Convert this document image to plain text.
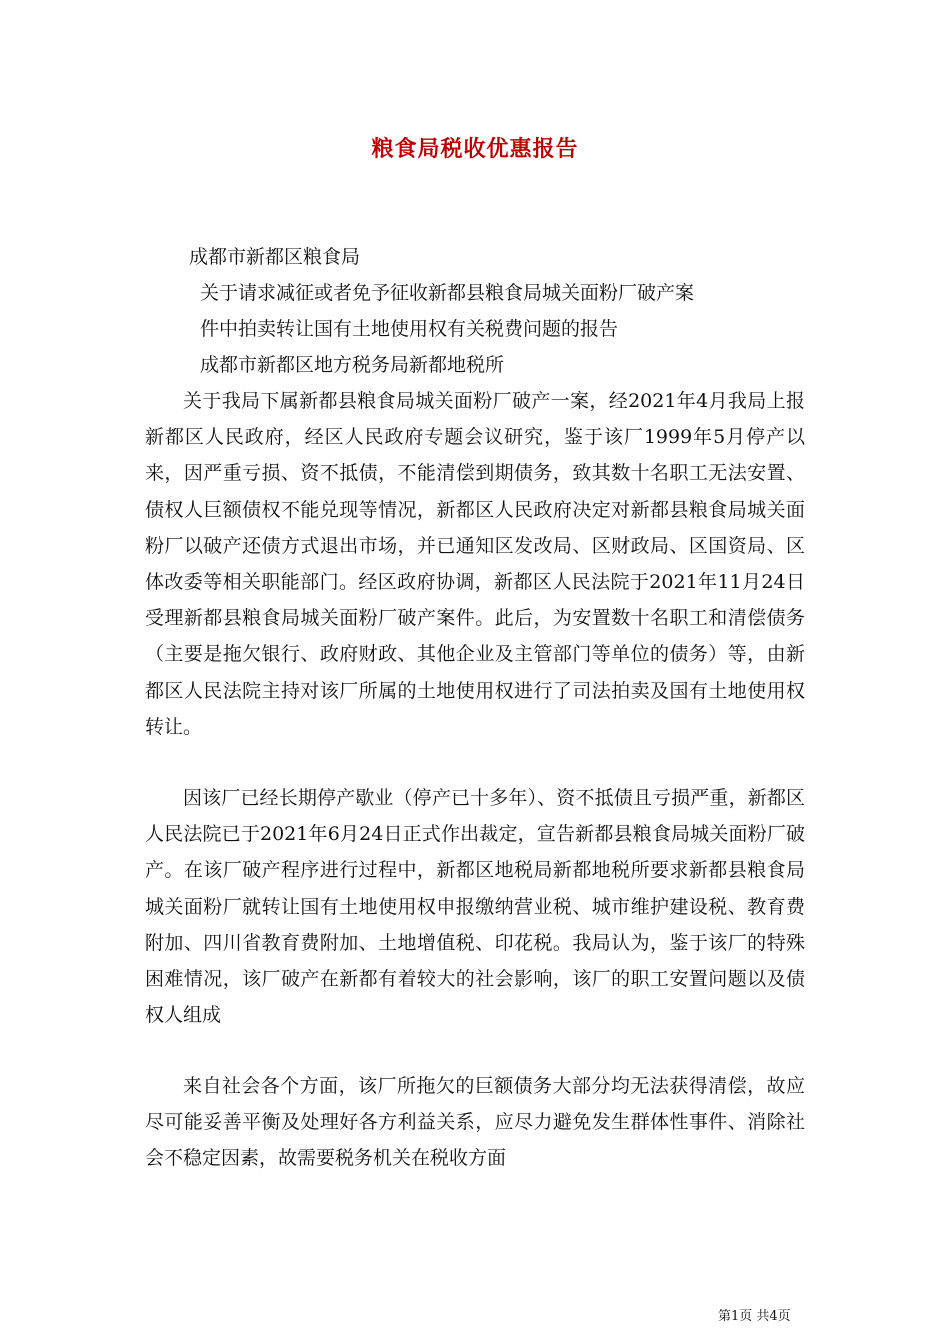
粮食局税收优惠报告
成都市新都区粮食局
关于请求减征或者免予征收新都县粮食局城关面粉厂破产案
件中拍卖转让国有土地使用权有关税费问题的报告
成都市新都区地方税务局新都地税所
关于我局下属新都县粮食局城关面粉厂破产一案，经2021年4月我局上报新都区人民政府，经区人民政府专题会议研究，鉴于该厂1999年5月停产以来，因严重亏损、资不抵债，不能清偿到期债务，致其数十名职工无法安置、债权人巨额债权不能兑现等情况，新都区人民政府决定对新都县粮食局城关面粉厂以破产还债方式退出市场，并已通知区发改局、区财政局、区国资局、区体改委等相关职能部门。经区政府协调，新都区人民法院于2021年11月24日受理新都县粮食局城关面粉厂破产案件。此后，为安置数十名职工和清偿债务（主要是拖欠银行、政府财政、其他企业及主管部门等单位的债务）等，由新都区人民法院主持对该厂所属的土地使用权进行了司法拍卖及国有土地使用权转让。
因该厂已经长期停产歇业（停产已十多年）、资不抵债且亏损严重，新都区人民法院已于2021年6月24日正式作出裁定，宣告新都县粮食局城关面粉厂破产。在该厂破产程序进行过程中，新都区地税局新都地税所要求新都县粮食局城关面粉厂就转让国有土地使用权申报缴纳营业税、城市维护建设税、教育费附加、四川省教育费附加、土地增值税、印花税。我局认为，鉴于该厂的特殊困难情况，该厂破产在新都有着较大的社会影响，该厂的职工安置问题以及债权人组成
来自社会各个方面，该厂所拖欠的巨额债务大部分均无法获得清偿，故应尽可能妥善平衡及处理好各方利益关系，应尽力避免发生群体性事件、消除社会不稳定因素，故需要税务机关在税收方面
第1页 共4页
